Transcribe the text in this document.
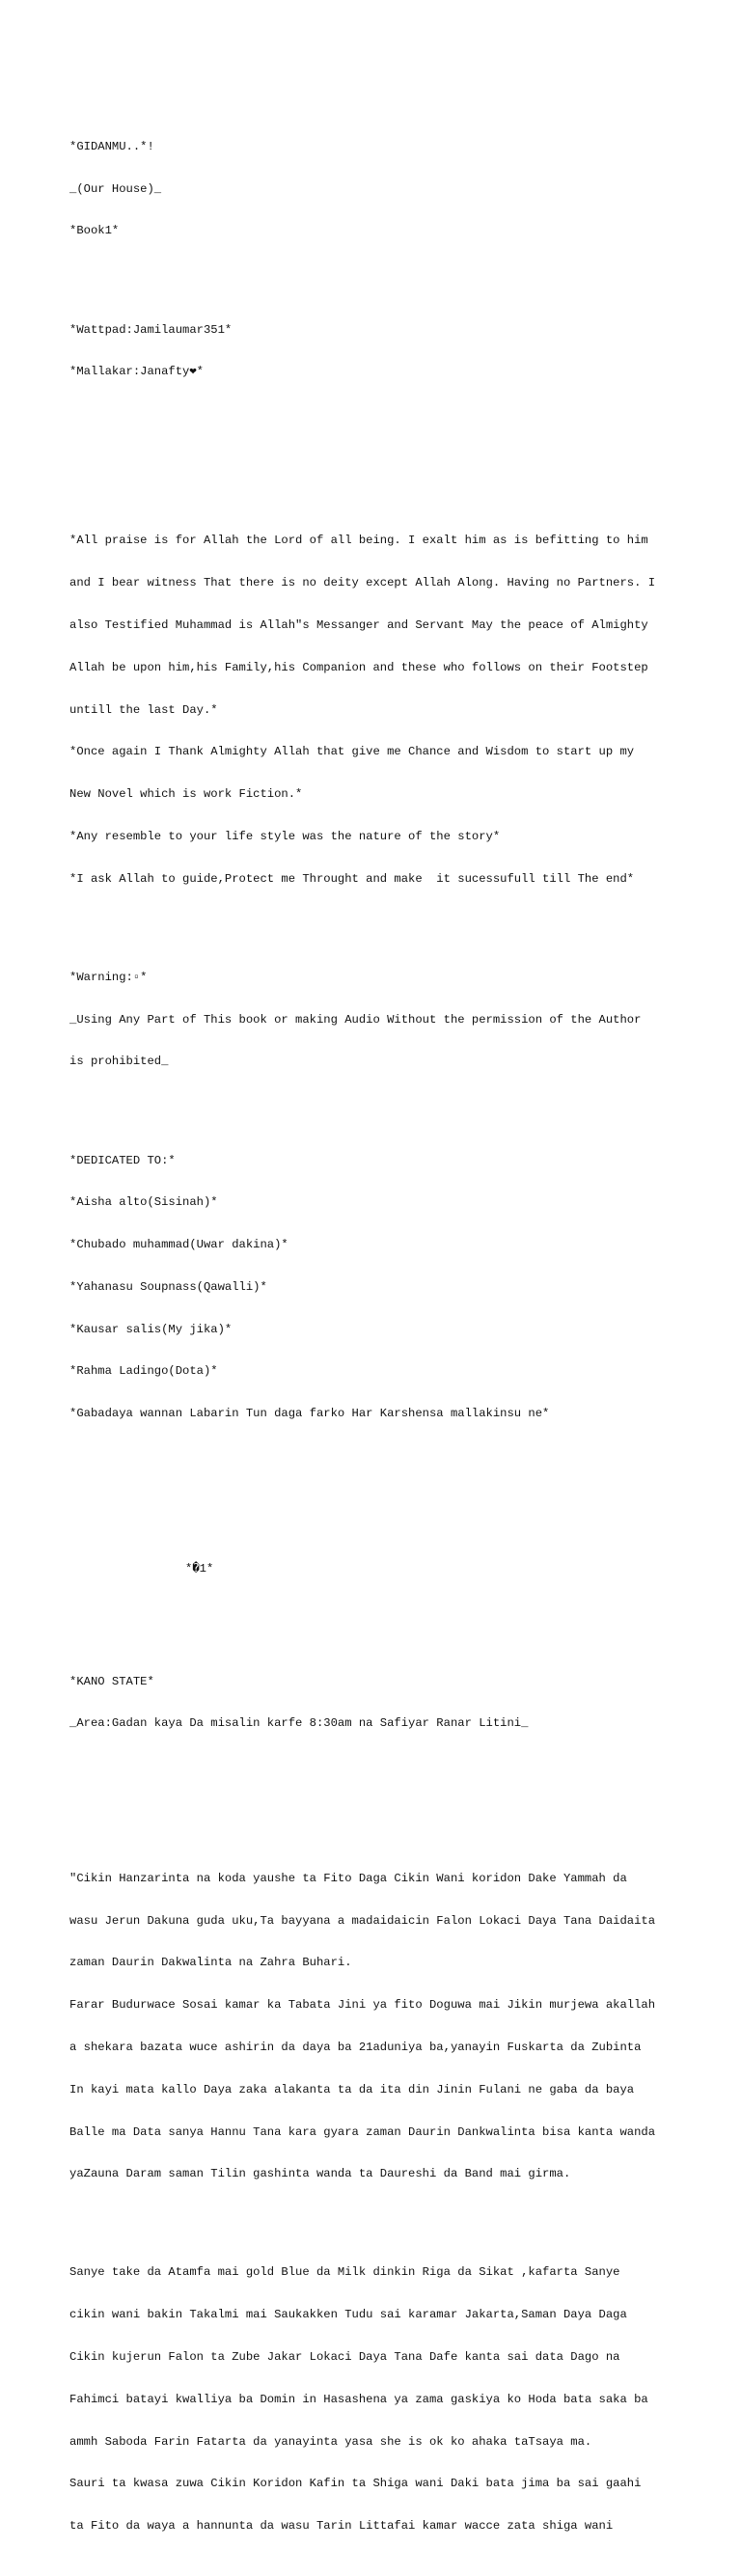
*GIDANMU..*!

_(Our House)_

*Book1*

*Wattpad:Jamilaumar351*

*Mallakar:Janafty❤*

*All praise is for Allah the Lord of all being. I exalt him as is befitting to him

and I bear witness That there is no deity except Allah Along. Having no Partners. I

also Testified Muhammad is Allah"s Messanger and Servant May the peace of Almighty

Allah be upon him,his Family,his Companion and these who follows on their Footstep

untill the last Day.*

*Once again I Thank Almighty Allah that give me Chance and Wisdom to start up my

New Novel which is work Fiction.*

*Any resemble to your life style was the nature of the story*

*I ask Allah to guide,Protect me Throught and make  it sucessufull till The end*

*Warning:▫*

_Using Any Part of This book or making Audio Without the permission of the Author

is prohibited_

*DEDICATED TO:*

*Aisha alto(Sisinah)*

*Chubado muhammad(Uwar dakina)*

*Yahanasu Soupnass(Qawalli)*

*Kausar salis(My jika)*

*Rahma Ladingo(Dota)*

*Gabadaya wannan Labarin Tun daga farko Har Karshensa mallakinsu ne*

*�1*

*KANO STATE*

_Area:Gadan kaya Da misalin karfe 8:30am na Safiyar Ranar Litini_

"Cikin Hanzarinta na koda yaushe ta Fito Daga Cikin Wani koridon Dake Yammah da

wasu Jerun Dakuna guda uku,Ta bayyana a madaidaicin Falon Lokaci Daya Tana Daidaita

zaman Daurin Dakwalinta na Zahra Buhari.

Farar Budurwace Sosai kamar ka Tabata Jini ya fito Doguwa mai Jikin murjewa akallah

a shekara bazata wuce ashirin da daya ba 21aduniya ba,yanayin Fuskarta da Zubinta

In kayi mata kallo Daya zaka alakanta ta da ita din Jinin Fulani ne gaba da baya

Balle ma Data sanya Hannu Tana kara gyara zaman Daurin Dankwalinta bisa kanta wanda

yaZauna Daram saman Tilin gashinta wanda ta Daureshi da Band mai girma.

Sanye take da Atamfa mai gold Blue da Milk dinkin Riga da Sikat ,kafarta Sanye

cikin wani bakin Takalmi mai Saukakken Tudu sai karamar Jakarta,Saman Daya Daga

Cikin kujerun Falon ta Zube Jakar Lokaci Daya Tana Dafe kanta sai data Dago na

Fahimci batayi kwalliya ba Domin in Hasashena ya zama gaskiya ko Hoda bata saka ba

ammh Saboda Farin Fatarta da yanayinta yasa she is ok ko ahaka taTsaya ma.

Sauri ta kwasa zuwa Cikin Koridon Kafin ta Shiga wani Daki bata jima ba sai gaahi

ta Fito da waya a hannunta da wasu Tarin Littafai kamar wacce zata shiga wani
